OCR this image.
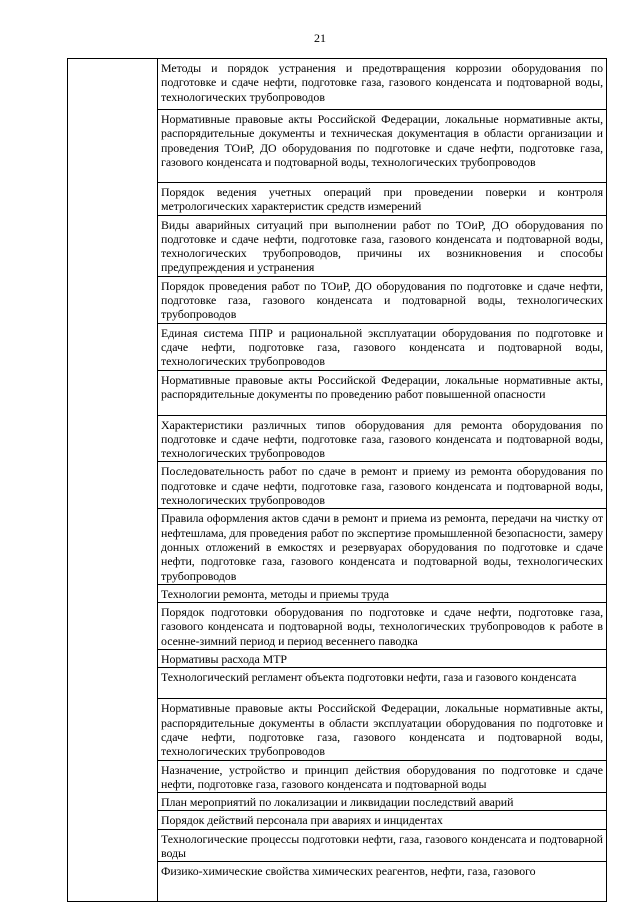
21
	Методы и порядок устранения и предотвращения коррозии оборудования по подготовке и сдаче нефти, подготовке газа, газового конденсата и подтоварной воды, технологических трубопроводов
Нормативные правовые акты Российской Федерации, локальные нормативные акты, распорядительные документы и техническая документация в области организации и проведения ТОиР, ДО оборудования по подготовке и сдаче нефти, подготовке газа, газового конденсата и подтоварной воды, технологических трубопроводов
Порядок ведения учетных операций при проведении поверки и контроля метрологических характеристик средств измерений
Виды аварийных ситуаций при выполнении работ по ТОиР, ДО оборудования по подготовке и сдаче нефти, подготовке газа, газового конденсата и подтоварной воды, технологических трубопроводов, причины их возникновения и способы предупреждения и устранения
Порядок проведения работ по ТОиР, ДО оборудования по подготовке и сдаче нефти, подготовке газа, газового конденсата и подтоварной воды, технологических трубопроводов
Единая система ППР и рациональной эксплуатации оборудования по подготовке и сдаче нефти, подготовке газа, газового конденсата и подтоварной воды, технологических трубопроводов
Нормативные правовые акты Российской Федерации, локальные нормативные акты, распорядительные документы по проведению работ повышенной опасности
Характеристики различных типов оборудования для ремонта оборудования по подготовке и сдаче нефти, подготовке газа, газового конденсата и подтоварной воды, технологических трубопроводов
Последовательность работ по сдаче в ремонт и приему из ремонта оборудования по подготовке и сдаче нефти, подготовке газа, газового конденсата и подтоварной воды, технологических трубопроводов
Правила оформления актов сдачи в ремонт и приема из ремонта, передачи на чистку от нефтешлама, для проведения работ по экспертизе промышленной безопасности, замеру донных отложений в емкостях и резервуарах оборудования по подготовке и сдаче нефти, подготовке газа, газового конденсата и подтоварной воды, технологических трубопроводов
Технологии ремонта, методы и приемы труда
Порядок подготовки оборудования по подготовке и сдаче нефти, подготовке газа, газового конденсата и подтоварной воды, технологических трубопроводов к работе в осенне-зимний период и период весеннего паводка
Нормативы расхода МТР
Технологический регламент объекта подготовки нефти, газа и газового конденсата
Нормативные правовые акты Российской Федерации, локальные нормативные акты, распорядительные документы в области эксплуатации оборудования по подготовке и сдаче нефти, подготовке газа, газового конденсата и подтоварной воды, технологических трубопроводов
Назначение, устройство и принцип действия оборудования по подготовке и сдаче нефти, подготовке газа, газового конденсата и подтоварной воды
План мероприятий по локализации и ликвидации последствий аварий
Порядок действий персонала при авариях и инцидентах
Технологические процессы подготовки нефти, газа, газового конденсата и подтоварной воды
Физико-химические свойства химических реагентов, нефти, газа, газового
